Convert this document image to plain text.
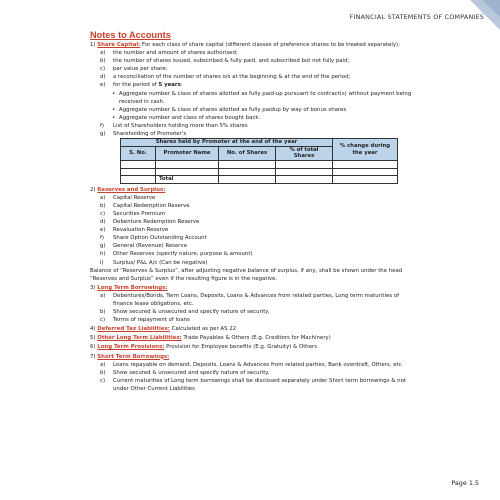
FINANCIAL STATEMENTS OF COMPANIES
Notes to Accounts
1) Share Capital: For each class of share capital (different classes of preference shares to be treated separately):
a)	the number and amount of shares authorised;
b)	the number of shares issued, subscribed & fully paid, and subscribed but not fully paid;
c)	par value per share;
d)	a reconciliation of the number of shares o/s at the beginning & at the end of the period;
e)	for the period of 5 years:
• Aggregate number & class of shares allotted as fully paid-up pursuant to contract(s) without payment being received in cash.
• Aggregate number & class of shares allotted as fully paidup by way of bonus shares
• Aggregate number and class of shares bought back.
f)	List of Shareholders holding more than 5% shares
g)	Shareholding of Promoter's
Shares held by Promoter at the end of the year				% change during the year
S. No.	Promoter Name	No. of Shares	% of total Shares	

	Total			
2) Reserves and Surplus:
a)	Capital Reserve
b)	Capital Redemption Reserve
c)	Securities Premium
d)	Debenture Redemption Reserve
e)	Revaluation Reserve
f)	Share Option Outstanding Account
g)	General (Revenue) Reserve
h)	Other Reserves (specify nature, purpose & amount)
i)	Surplus/ P&L A/c (Can be negative)

Balance of “Reserves & Surplus”, after adjusting negative balance of surplus, if any, shall be shown under the head “Reserves and Surplus” even if the resulting figure is in the negative.

3) Long Term Borrowings:
a)	Debentures/Bonds, Term Loans, Deposits, Loans & Advances from related parties, Long term maturities of finance lease obligations, etc.
b)	Show secured & unsecured and specify nature of security.
c)	Terms of repayment of loans
4) Deferred Tax Liabilities: Calculated as per AS 22
5) Other Long Term Liabilities: Trade Payables & Others (E.g. Creditors for Machinery)
6) Long Term Provisions: Provision for Employee benefits (E.g. Gratuity) & Others
7) Short Term Borrowings:
a)	Loans repayable on demand, Deposits, Loans & Advances from related parties, Bank overdraft, Others, etc.
b)	Show secured & unsecured and specify nature of security.
c)	Current maturities of Long term borrowings shall be disclosed separately under Short term borrowings & not under Other Current Liabilities
Page 1.5
